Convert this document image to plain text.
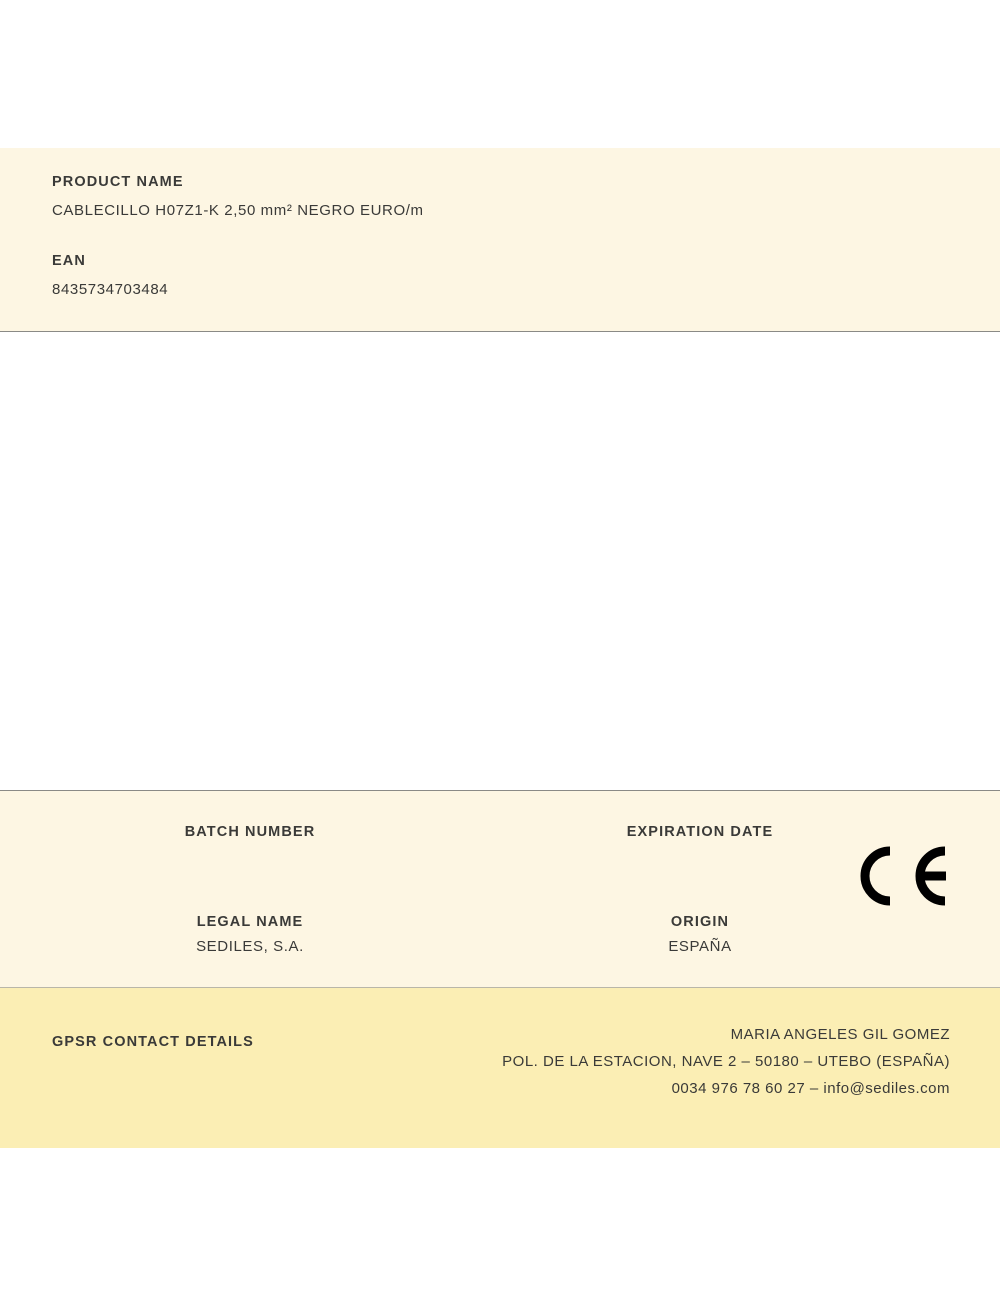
PRODUCT NAME

CABLECILLO H07Z1-K 2,50 mm² NEGRO EURO/m

EAN

8435734703484

BATCH NUMBER	EXPIRATION DATE

LEGAL NAME

SEDILES, S.A.

ORIGIN

ESPAÑA

GPSR CONTACT DETAILS	MARIA ANGELES GIL GOMEZ
POL. DE LA ESTACION, NAVE 2 – 50180 – UTEBO (ESPAÑA)
0034 976 78 60 27 – info@sediles.com
